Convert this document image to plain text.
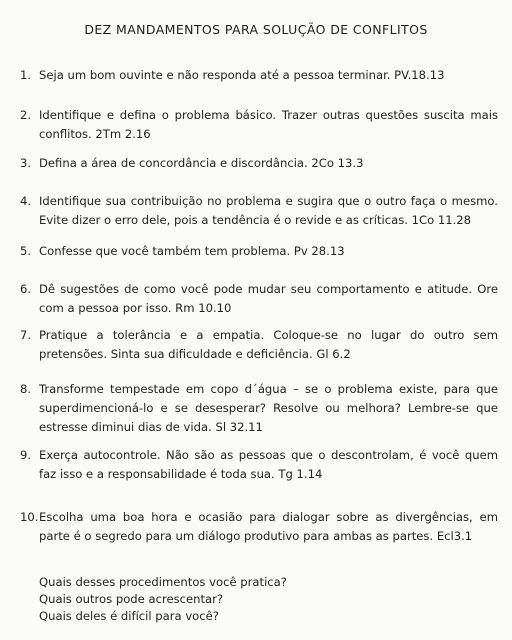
DEZ MANDAMENTOS PARA SOLUÇÃO DE CONFLITOS
1. Seja um bom ouvinte e não responda até a pessoa terminar. PV.18.13
2. Identifique e defina o problema básico. Trazer outras questões suscita mais conflitos. 2Tm 2.16
3. Defina a área de concordância e discordância. 2Co 13.3
4. Identifique sua contribuição no problema e sugira que o outro faça o mesmo. Evite dizer o erro dele, pois a tendência é o revide e as críticas. 1Co 11.28
5. Confesse que você também tem problema. Pv 28.13
6. Dê sugestões de como você pode mudar seu comportamento e atitude. Ore com a pessoa por isso. Rm 10.10
7. Pratique a tolerância e a empatia. Coloque-se no lugar do outro sem pretensões. Sinta sua dificuldade e deficiência. Gl 6.2
8. Transforme tempestade em copo d´água – se o problema existe, para que superdimencioná-lo e se desesperar? Resolve ou melhora? Lembre-se que estresse diminui dias de vida. Sl 32.11
9. Exerça autocontrole. Não são as pessoas que o descontrolam, é você quem faz isso e a responsabilidade é toda sua. Tg 1.14
10. Escolha uma boa hora e ocasião para dialogar sobre as divergências, em parte é o segredo para um diálogo produtivo para ambas as partes. Ecl3.1
Quais desses procedimentos você pratica?
Quais outros pode acrescentar?
Quais deles é difícil para você?
